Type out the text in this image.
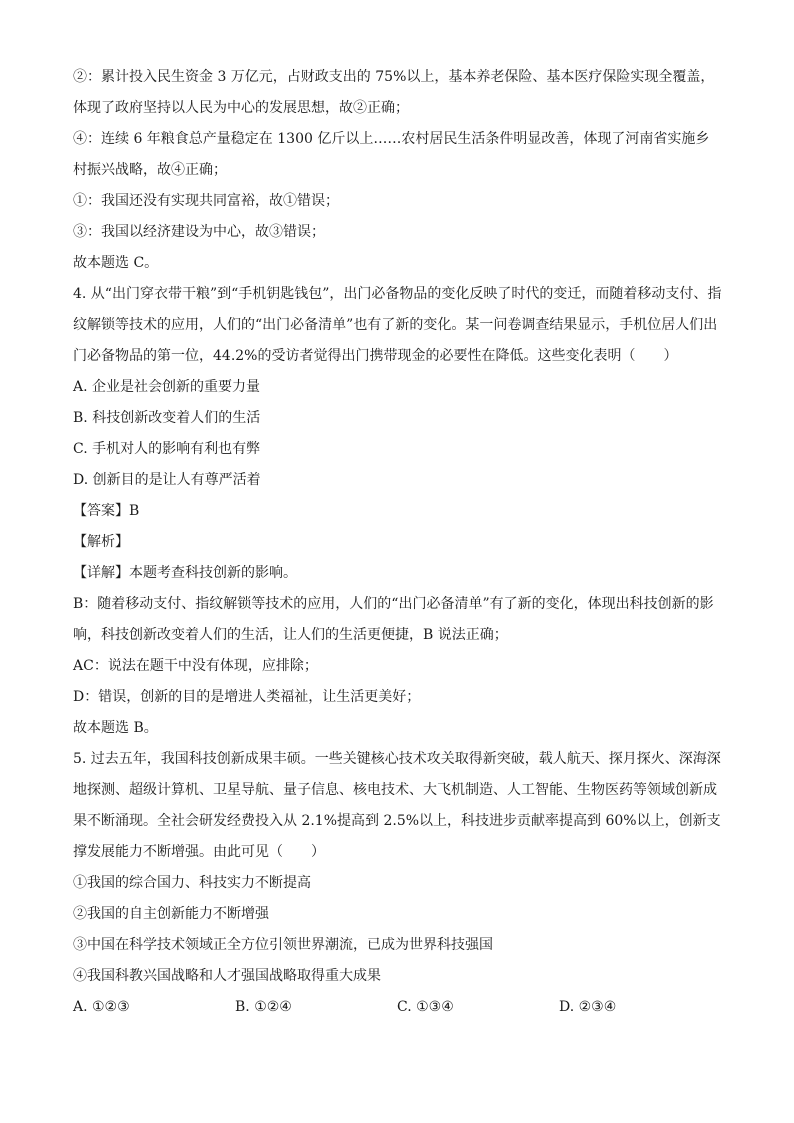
②：累计投入民生资金 3 万亿元，占财政支出的 75%以上，基本养老保险、基本医疗保险实现全覆盖，体现了政府坚持以人民为中心的发展思想，故②正确；

④：连续 6 年粮食总产量稳定在 1300 亿斤以上……农村居民生活条件明显改善，体现了河南省实施乡村振兴战略，故④正确；

①：我国还没有实现共同富裕，故①错误；

③：我国以经济建设为中心，故③错误；

故本题选 C。

4. 从“出门穿衣带干粮”到“手机钥匙钱包”，出门必备物品的变化反映了时代的变迁，而随着移动支付、指纹解锁等技术的应用，人们的“出门必备清单”也有了新的变化。某一问卷调查结果显示，手机位居人们出门必备物品的第一位，44.2%的受访者觉得出门携带现金的必要性在降低。这些变化表明（　　）

A. 企业是社会创新的重要力量

B. 科技创新改变着人们的生活

C. 手机对人的影响有利也有弊

D. 创新目的是让人有尊严活着

【答案】B

【解析】

【详解】本题考查科技创新的影响。

B：随着移动支付、指纹解锁等技术的应用，人们的“出门必备清单”有了新的变化，体现出科技创新的影响，科技创新改变着人们的生活，让人们的生活更便捷，B 说法正确；

AC：说法在题干中没有体现，应排除；

D：错误，创新的目的是增进人类福祉，让生活更美好；

故本题选 B。

5. 过去五年，我国科技创新成果丰硕。一些关键核心技术攻关取得新突破，载人航天、探月探火、深海深地探测、超级计算机、卫星导航、量子信息、核电技术、大飞机制造、人工智能、生物医药等领域创新成果不断涌现。全社会研发经费投入从 2.1%提高到 2.5%以上，科技进步贡献率提高到 60%以上，创新支撑发展能力不断增强。由此可见（　　）

①我国的综合国力、科技实力不断提高

②我国的自主创新能力不断增强

③中国在科学技术领域正全方位引领世界潮流，已成为世界科技强国

④我国科教兴国战略和人才强国战略取得重大成果

A. ①②③	B. ①②④	C. ①③④	D. ②③④
